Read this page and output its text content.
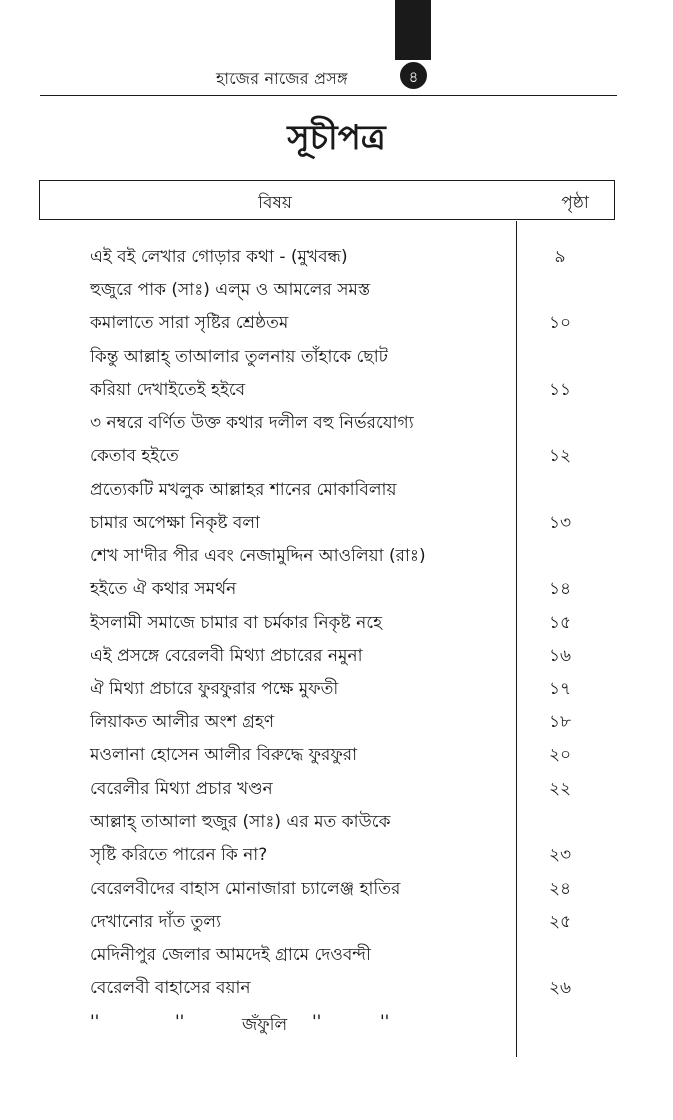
হাজের নাজের প্রসঙ্গ	৪
সূচীপত্র
বিষয়	পৃষ্ঠা
এই বই লেখার গোড়ার কথা - (মুখবন্ধ)	৯
হুজুরে পাক (সাঃ) এল্‌ম ও আমলের সমস্ত
কমালাতে সারা সৃষ্টির শ্রেষ্ঠতম	১০
কিন্তু আল্লাহ্‌ তাআলার তুলনায় তাঁহাকে ছোট
করিয়া দেখাইতেই হইবে	১১
৩ নম্বরে বর্ণিত উক্ত কথার দলীল বহু নির্ভরযোগ্য
কেতাব হইতে	১২
প্রত্যেকটি মখলুক আল্লাহর শানের মোকাবিলায়
চামার অপেক্ষা নিকৃষ্ট বলা	১৩
শেখ সা'দীর পীর এবং নেজামুদ্দিন আওলিয়া (রাঃ)
হইতে ঐ কথার সমর্থন	১৪
ইসলামী সমাজে চামার বা চর্মকার নিকৃষ্ট নহে	১৫
এই প্রসঙ্গে বেরেলবী মিথ্যা প্রচারের নমুনা	১৬
ঐ মিথ্যা প্রচারে ফুরফুরার পক্ষে মুফতী	১৭
লিয়াকত আলীর অংশ গ্রহণ	১৮
মওলানা হোসেন আলীর বিরুদ্ধে ফুরফুরা	২০
বেরেলীর মিথ্যা প্রচার খণ্ডন	২২
আল্লাহ্‌ তাআলা হুজুর (সাঃ) এর মত কাউকে
সৃষ্টি করিতে পারেন কি না?	২৩
বেরেলবীদের বাহাস মোনাজারা চ্যালেঞ্জ হাতির	২৪
দেখানোর দাঁত তুল্য	২৫
মেদিনীপুর জেলার আমদেই গ্রামে দেওবন্দী
বেরেলবী বাহাসের বয়ান	২৬
''	''	জঁফুলি ''	''
